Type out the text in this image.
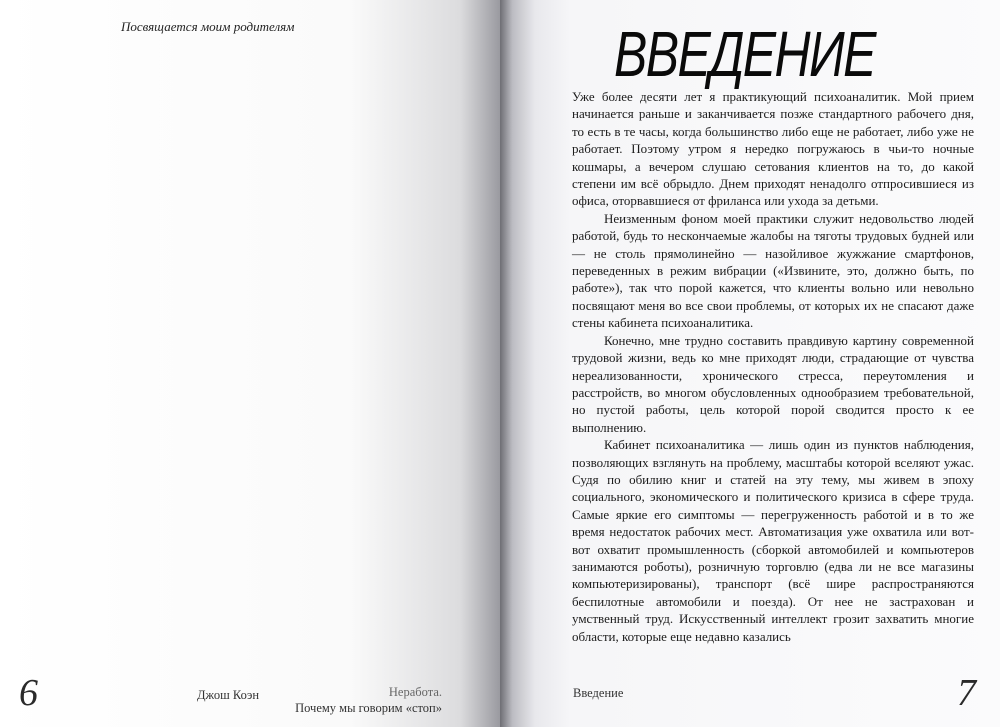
Посвящается моим родителям
6	Джош Коэн	Неработа.
Почему мы говорим «стоп»
ВВЕДЕНИЕ

Уже более десяти лет я практикующий психоаналитик. Мой прием начинается раньше и заканчивается позже стандартного рабочего дня, то есть в те часы, когда большинство либо еще не работает, либо уже не работает. Поэтому утром я нередко погружаюсь в чьи-то ночные кошмары, а вечером слушаю сетования клиентов на то, до какой степени им всё обрыдло. Днем приходят ненадолго отпросившиеся из офиса, оторвавшиеся от фриланса или ухода за детьми.

Неизменным фоном моей практики служит недовольство людей работой, будь то нескончаемые жалобы на тяготы трудовых будней или — не столь прямолинейно — назойливое жужжание смартфонов, переведенных в режим вибрации («Извините, это, должно быть, по работе»), так что порой кажется, что клиенты вольно или невольно посвящают меня во все свои проблемы, от которых их не спасают даже стены кабинета психоаналитика.

Конечно, мне трудно составить правдивую картину современной трудовой жизни, ведь ко мне приходят люди, страдающие от чувства нереализованности, хронического стресса, переутомления и расстройств, во многом обусловленных однообразием требовательной, но пустой работы, цель которой порой сводится просто к ее выполнению.

Кабинет психоаналитика — лишь один из пунктов наблюдения, позволяющих взглянуть на проблему, масштабы которой вселяют ужас. Судя по обилию книг и статей на эту тему, мы живем в эпоху социального, экономического и политического кризиса в сфере труда. Самые яркие его симптомы — перегруженность работой и в то же время недостаток рабочих мест. Автоматизация уже охватила или вот-вот охватит промышленность (сборкой автомобилей и компьютеров занимаются роботы), розничную торговлю (едва ли не все магазины компьютеризированы), транспорт (всё шире распространяются беспилотные автомобили и поезда). От нее не застрахован и умственный труд. Искусственный интеллект грозит захватить многие области, которые еще недавно казались

Введение	7
